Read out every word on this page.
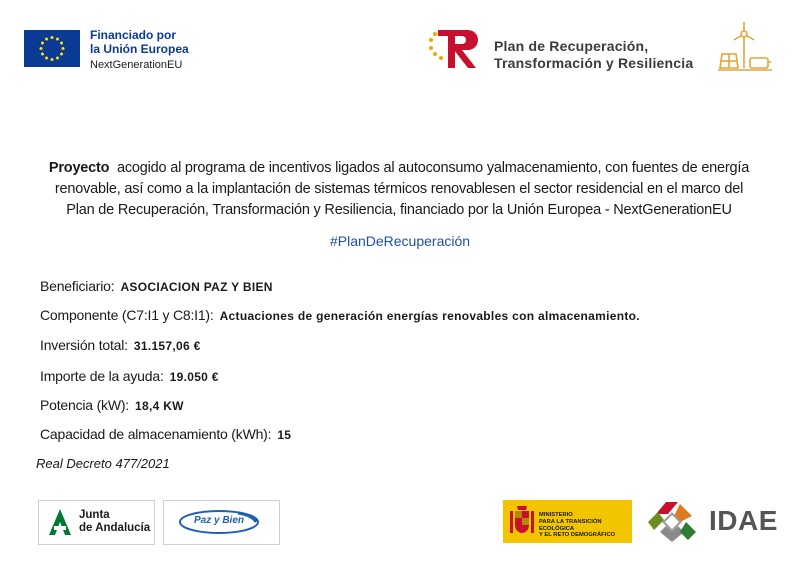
Financiado por
la Unión Europea
NextGenerationEU
Plan de Recuperación,
Transformación y Resiliencia
Proyecto acogido al programa de incentivos ligados al autoconsumo yalmacenamiento, con fuentes de energía renovable, así como a la implantación de sistemas térmicos renovablesen el sector residencial en el marco del Plan de Recuperación, Transformación y Resiliencia, financiado por la Unión Europea - NextGenerationEU
#PlanDeRecuperación
Beneficiario: ASOCIACION PAZ Y BIEN
Componente (C7:I1 y C8:I1): Actuaciones de generación energías renovables con almacenamiento.
Inversión total: 31.157,06 €
Importe de la ayuda: 19.050 €
Potencia (kW): 18,4 KW
Capacidad de almacenamiento (kWh): 15
Real Decreto 477/2021
Junta
de Andalucía
Paz y Bien	MINISTERIO
PARA LA TRANSICIÓN ECOLÓGICA
Y EL RETO DEMOGRÁFICO	IDAE
